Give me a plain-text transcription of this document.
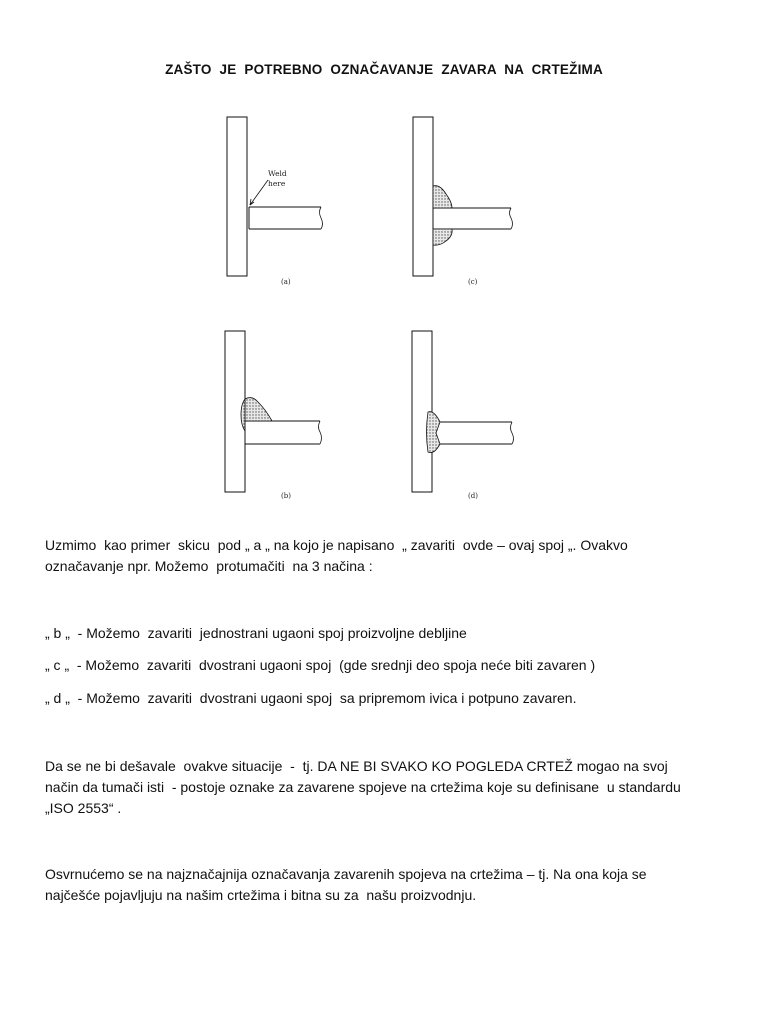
ZAŠTO JE POTREBNO OZNAČAVANJE ZAVARA NA CRTEŽIMA
Weld
here
(a)	(c)
(b)	(d)
Uzmimo  kao primer  skicu  pod „ a „ na kojo je napisano  „ zavariti  ovde – ovaj spoj „. Ovakvo
označavanje npr. Možemo  protumačiti  na 3 načina :
„ b „  - Možemo  zavariti  jednostrani ugaoni spoj proizvoljne debljine
„ c „  - Možemo  zavariti  dvostrani ugaoni spoj  (gde srednji deo spoja neće biti zavaren )
„ d „  - Možemo  zavariti  dvostrani ugaoni spoj  sa pripremom ivica i potpuno zavaren.
Da se ne bi dešavale  ovakve situacije  -  tj. DA NE BI SVAKO KO POGLEDA CRTEŽ mogao na svoj
način da tumači isti  - postoje oznake za zavarene spojeve na crtežima koje su definisane  u standardu
„ISO 2553“ .
Osvrnućemo se na najznačajnija označavanja zavarenih spojeva na crtežima – tj. Na ona koja se
najčešće pojavljuju na našim crtežima i bitna su za  našu proizvodnju.
